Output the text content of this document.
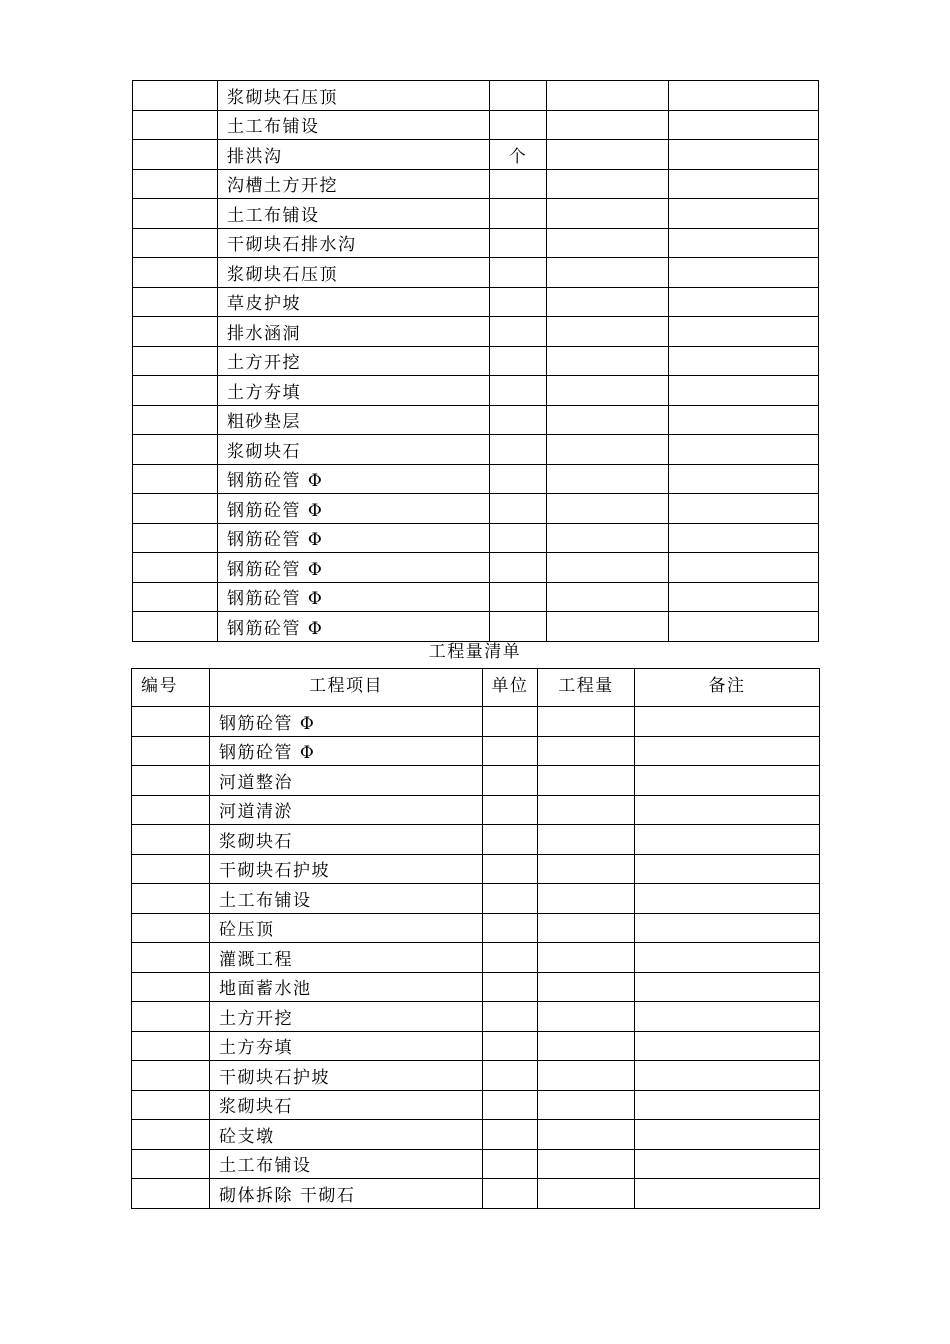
	浆砌块石压顶			
	土工布铺设			
	排洪沟	个		
	沟槽土方开挖			
	土工布铺设			
	干砌块石排水沟			
	浆砌块石压顶			
	草皮护坡			
	排水涵洞			
	土方开挖			
	土方夯填			
	粗砂垫层			
	浆砌块石			
	钢筋砼管 Φ			
	钢筋砼管 Φ			
	钢筋砼管 Φ			
	钢筋砼管 Φ			
	钢筋砼管 Φ			
	钢筋砼管 Φ			
工程量清单
编号	工程项目	单位	工程量	备注
	钢筋砼管 Φ			
	钢筋砼管 Φ			
	河道整治			
	河道清淤			
	浆砌块石			
	干砌块石护坡			
	土工布铺设			
	砼压顶			
	灌溉工程			
	地面蓄水池			
	土方开挖			
	土方夯填			
	干砌块石护坡			
	浆砌块石			
	砼支墩			
	土工布铺设			
	砌体拆除 干砌石			
